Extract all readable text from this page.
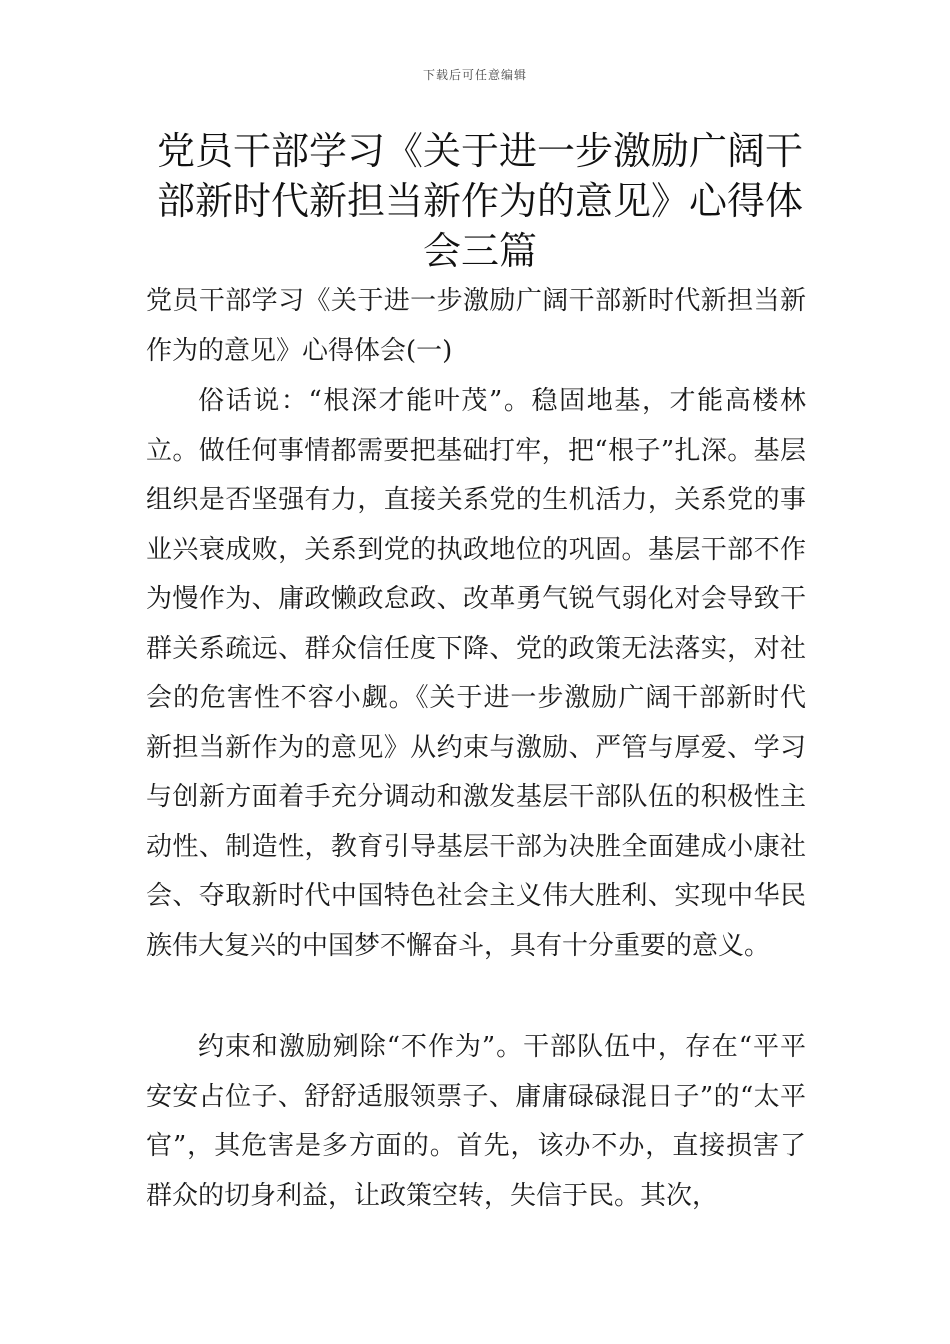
下载后可任意编辑
党员干部学习《关于进一步激励广阔干部新时代新担当新作为的意见》心得体会三篇

党员干部学习《关于进一步激励广阔干部新时代新担当新作为的意见》心得体会(一)

俗话说：“根深才能叶茂”。稳固地基，才能高楼林立。做任何事情都需要把基础打牢，把“根子”扎深。基层组织是否坚强有力，直接关系党的生机活力，关系党的事业兴衰成败，关系到党的执政地位的巩固。基层干部不作为慢作为、庸政懒政怠政、改革勇气锐气弱化对会导致干群关系疏远、群众信任度下降、党的政策无法落实，对社会的危害性不容小觑。《关于进一步激励广阔干部新时代新担当新作为的意见》从约束与激励、严管与厚爱、学习与创新方面着手充分调动和激发基层干部队伍的积极性主动性、制造性，教育引导基层干部为决胜全面建成小康社会、夺取新时代中国特色社会主义伟大胜利、实现中华民族伟大复兴的中国梦不懈奋斗，具有十分重要的意义。

约束和激励剜除“不作为”。干部队伍中，存在“平平安安占位子、舒舒适服领票子、庸庸碌碌混日子”的“太平官”，其危害是多方面的。首先，该办不办，直接损害了群众的切身利益，让政策空转，失信于民。其次，
